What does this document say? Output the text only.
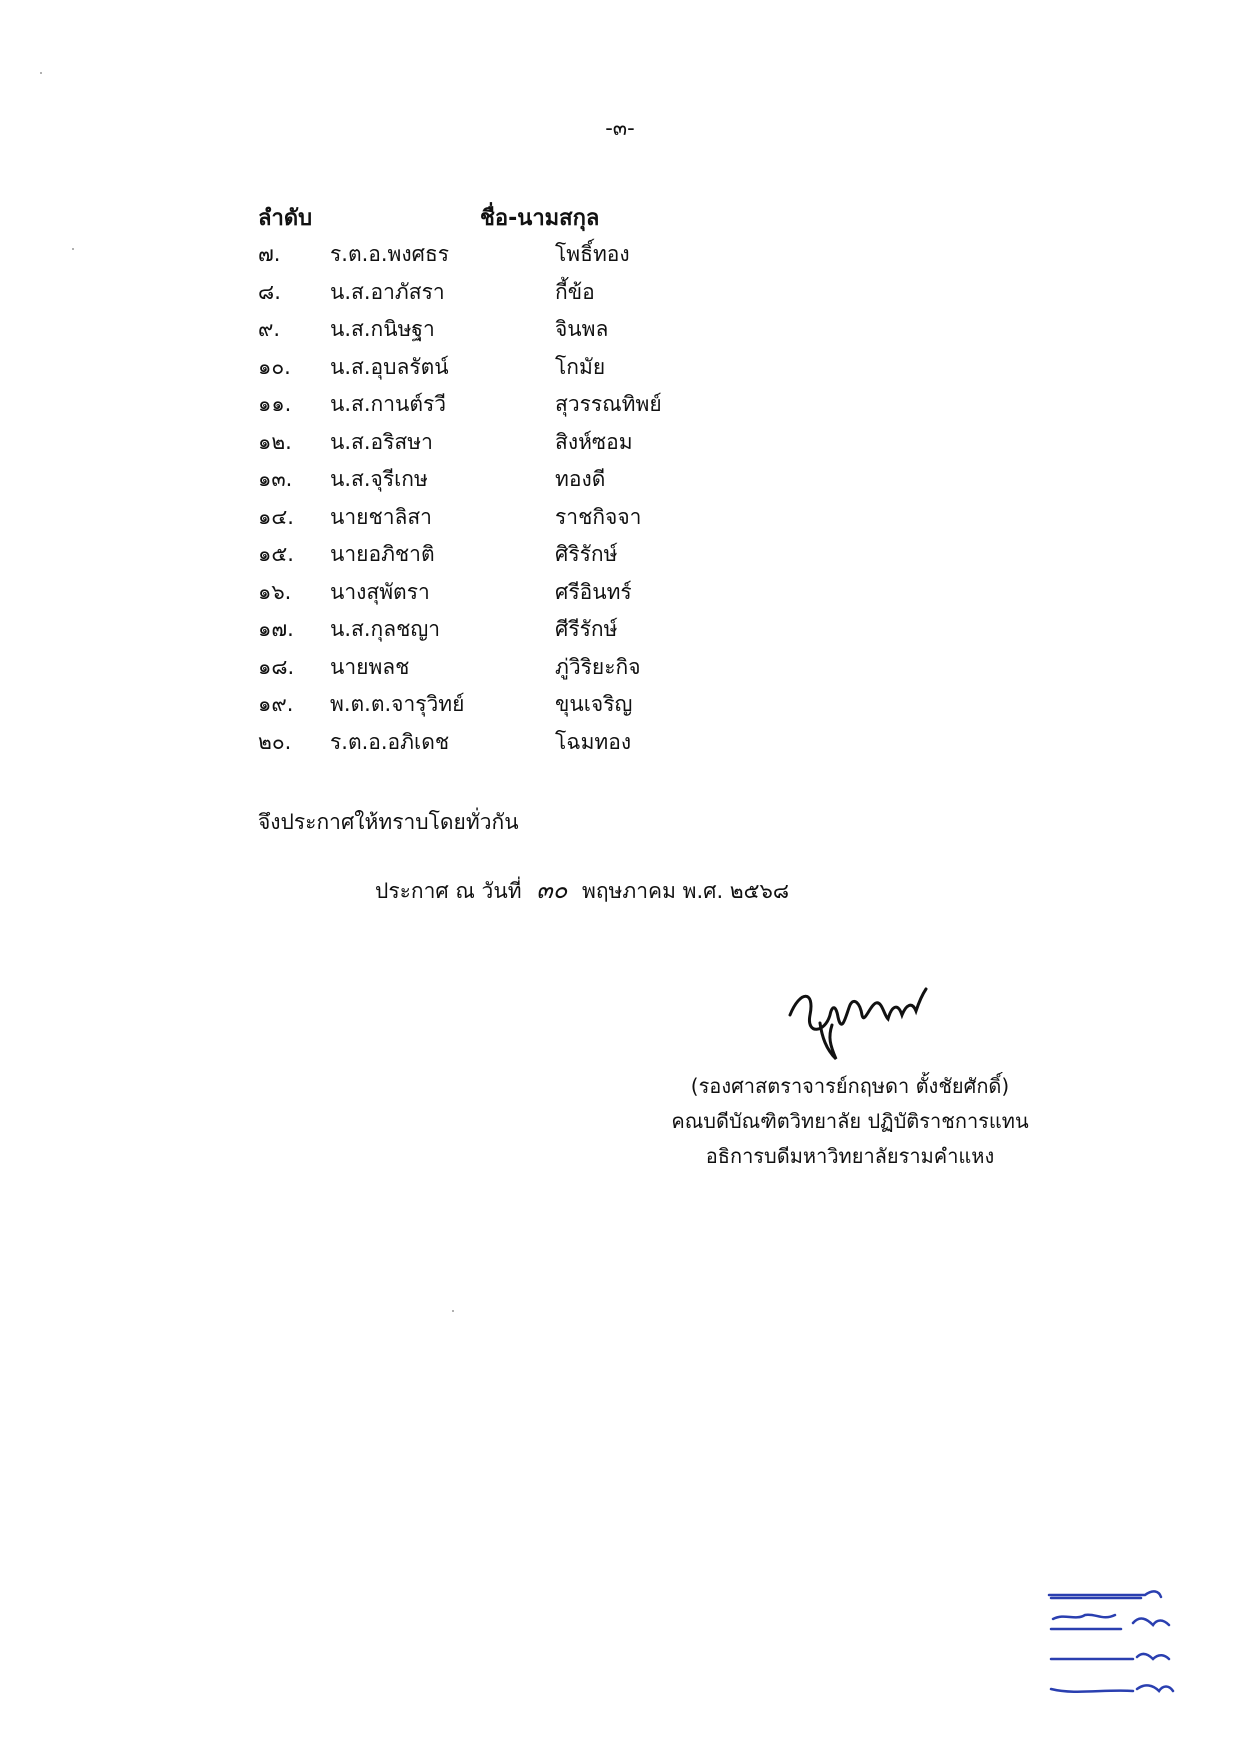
-๓-
ลำดับ	ชื่อ-นามสกุล
๗. ร.ต.อ.พงศธร	โพธิ์ทอง
๘. น.ส.อาภัสรา	กี้ข้อ
๙. น.ส.กนิษฐา	จินพล
๑๐. น.ส.อุบลรัตน์	โกมัย
๑๑. น.ส.กานต์รวี	สุวรรณทิพย์
๑๒. น.ส.อริสษา	สิงห์ซอม
๑๓. น.ส.จุรีเกษ	ทองดี
๑๔. นายชาลิสา	ราชกิจจา
๑๕. นายอภิชาติ	ศิริรักษ์
๑๖. นางสุพัตรา	ศรีอินทร์
๑๗. น.ส.กุลชญา	ศีรีรักษ์
๑๘. นายพลช	ภู่วิริยะกิจ
๑๙. พ.ต.ต.จารุวิทย์	ขุนเจริญ
๒๐. ร.ต.อ.อภิเดช	โฉมทอง
จึงประกาศให้ทราบโดยทั่วกัน
ประกาศ ณ วันที่ ๓๐ พฤษภาคม พ.ศ. ๒๕๖๘
(รองศาสตราจารย์กฤษดา ตั้งชัยศักดิ์)
คณบดีบัณฑิตวิทยาลัย ปฏิบัติราชการแทน
อธิการบดีมหาวิทยาลัยรามคำแหง
